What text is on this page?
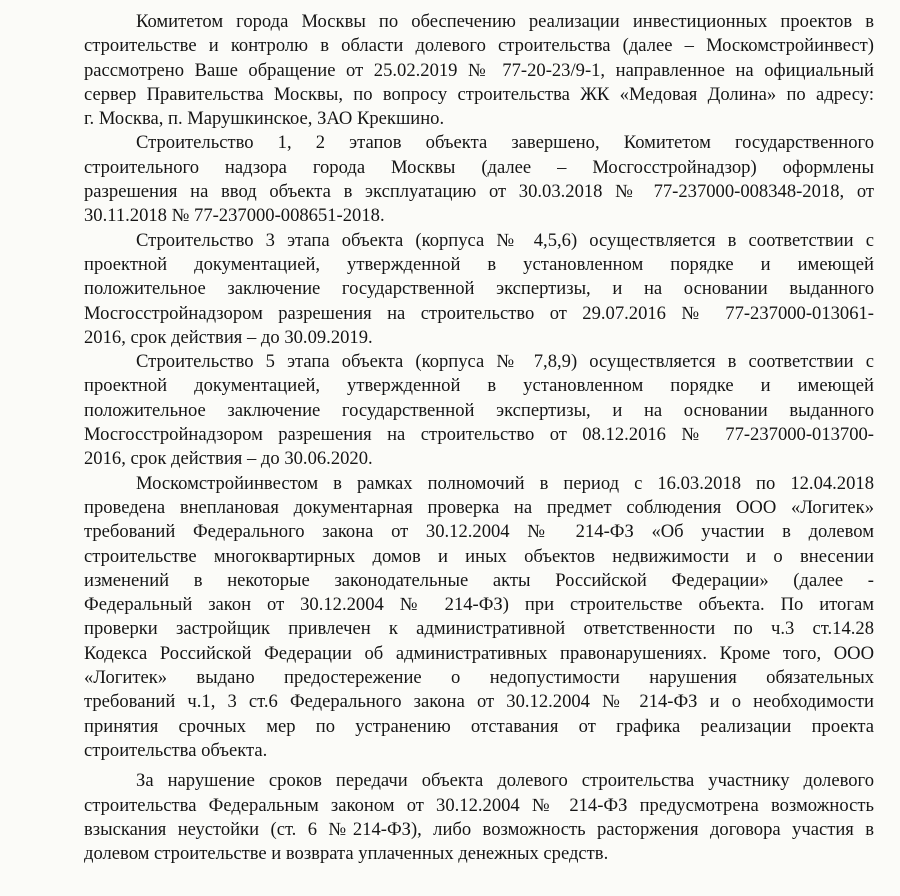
Комитетом города Москвы по обеспечению реализации инвестиционных проектов в
строительстве и контролю в области долевого строительства (далее – Москомстройинвест)
рассмотрено Ваше обращение от 25.02.2019 № 77-20-23/9-1, направленное на официальный
сервер Правительства Москвы, по вопросу строительства ЖК «Медовая Долина» по адресу:
г. Москва, п. Марушкинское, ЗАО Крекшино.
Строительство 1, 2 этапов объекта завершено, Комитетом государственного
строительного надзора города Москвы (далее – Мосгосстройнадзор) оформлены
разрешения на ввод объекта в эксплуатацию от 30.03.2018 № 77-237000-008348-2018, от
30.11.2018 № 77-237000-008651-2018.
Строительство 3 этапа объекта (корпуса № 4,5,6) осуществляется в соответствии с
проектной документацией, утвержденной в установленном порядке и имеющей
положительное заключение государственной экспертизы, и на основании выданного
Мосгосстройнадзором разрешения на строительство от 29.07.2016 № 77-237000-013061-
2016, срок действия – до 30.09.2019.
Строительство 5 этапа объекта (корпуса № 7,8,9) осуществляется в соответствии с
проектной документацией, утвержденной в установленном порядке и имеющей
положительное заключение государственной экспертизы, и на основании выданного
Мосгосстройнадзором разрешения на строительство от 08.12.2016 № 77-237000-013700-
2016, срок действия – до 30.06.2020.
Москомстройинвестом в рамках полномочий в период с 16.03.2018 по 12.04.2018
проведена внеплановая документарная проверка на предмет соблюдения ООО «Логитек»
требований Федерального закона от 30.12.2004 № 214-ФЗ «Об участии в долевом
строительстве многоквартирных домов и иных объектов недвижимости и о внесении
изменений в некоторые законодательные акты Российской Федерации» (далее -
Федеральный закон от 30.12.2004 № 214-ФЗ) при строительстве объекта. По итогам
проверки застройщик привлечен к административной ответственности по ч.3 ст.14.28
Кодекса Российской Федерации об административных правонарушениях. Кроме того, ООО
«Логитек» выдано предостережение о недопустимости нарушения обязательных
требований ч.1, 3 ст.6 Федерального закона от 30.12.2004 № 214-ФЗ и о необходимости
принятия срочных мер по устранению отставания от графика реализации проекта
строительства объекта.
За нарушение сроков передачи объекта долевого строительства участнику долевого
строительства Федеральным законом от 30.12.2004 № 214-ФЗ предусмотрена возможность
взыскания неустойки (ст. 6 №214-ФЗ), либо возможность расторжения договора участия в
долевом строительстве и возврата уплаченных денежных средств.
